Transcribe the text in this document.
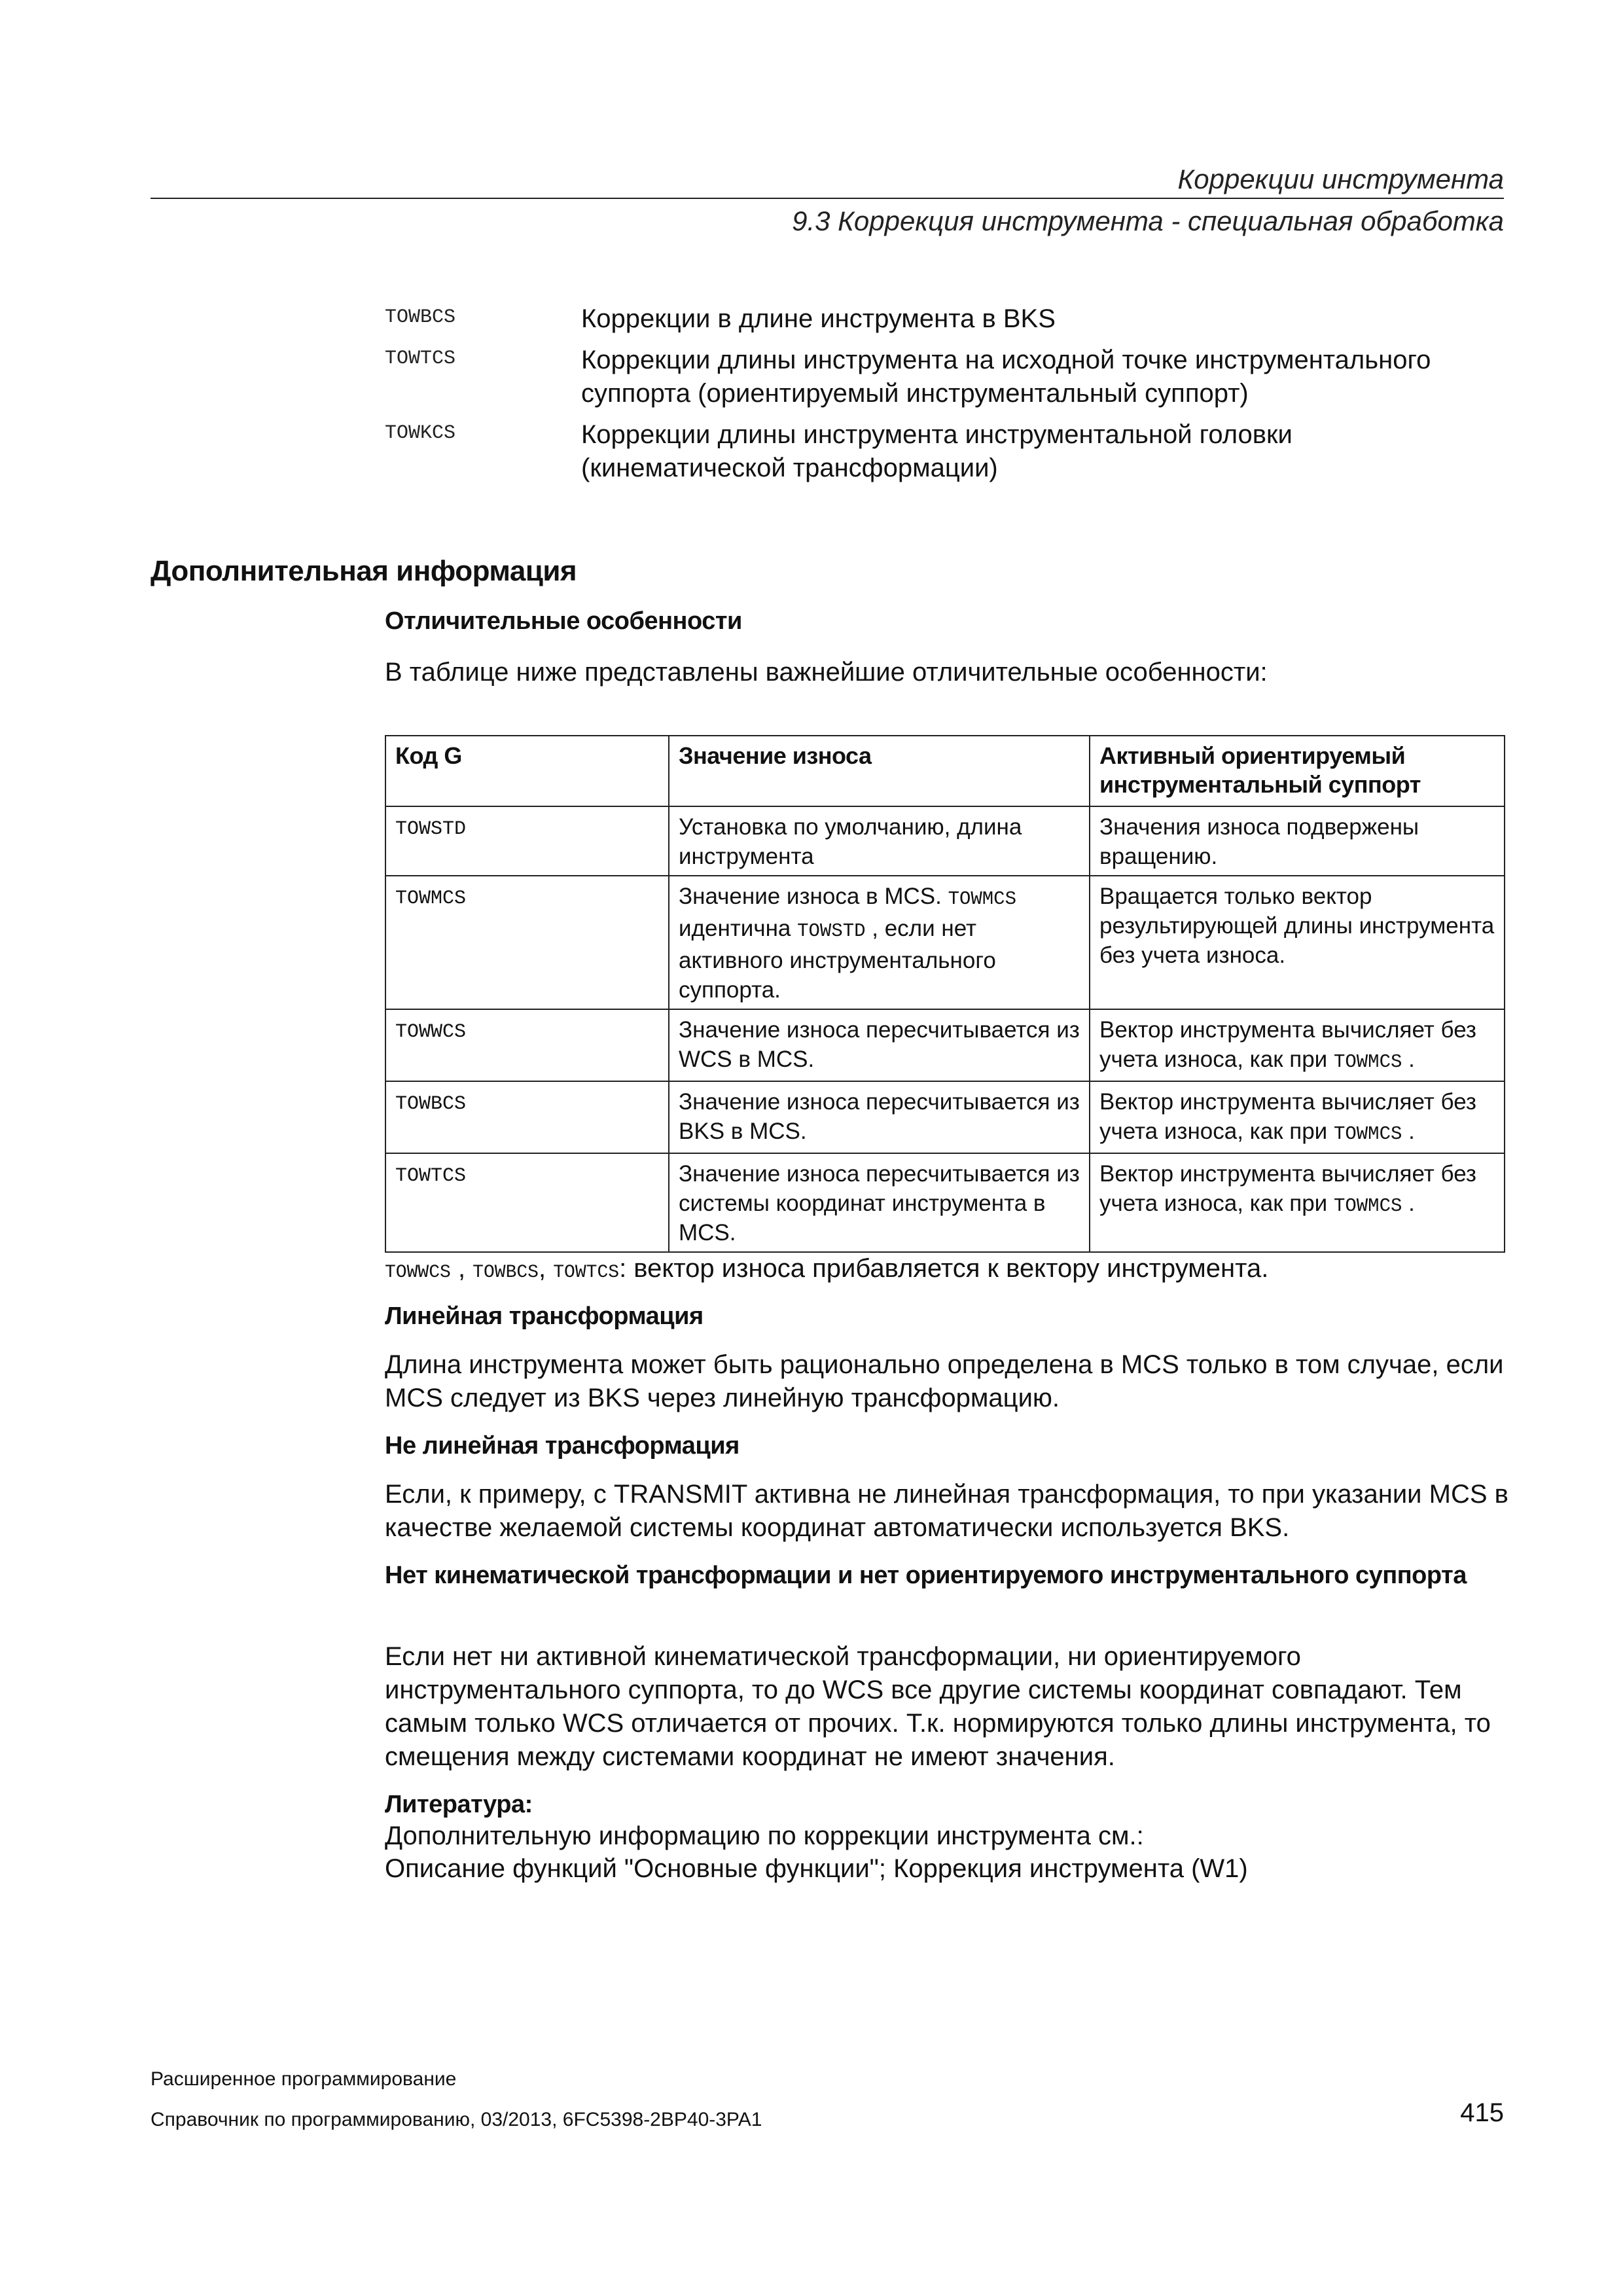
Коррекции инструмента
9.3 Коррекция инструмента - специальная обработка
TOWBCS	Коррекции в длине инструмента в BKS
TOWTCS	Коррекции длины инструмента на исходной точке инструментального суппорта (ориентируемый инструментальный суппорт)
TOWKCS	Коррекции длины инструмента инструментальной головки (кинематической трансформации)
Дополнительная информация
Отличительные особенности
В таблице ниже представлены важнейшие отличительные особенности:
Код G	Значение износа	Активный ориентируемый инструментальный суппорт
TOWSTD	Установка по умолчанию, длина инструмента	Значения износа подвержены вращению.
TOWMCS	Значение износа в MCS. TOWMCS идентична TOWSTD , если нет активного инструментального суппорта.	Вращается только вектор результирующей длины инструмента без учета износа.
TOWWCS	Значение износа пересчитывается из WCS в MCS.	Вектор инструмента вычисляет без учета износа, как при TOWMCS .
TOWBCS	Значение износа пересчитывается из BKS в MCS.	Вектор инструмента вычисляет без учета износа, как при TOWMCS .
TOWTCS	Значение износа пересчитывается из системы координат инструмента в MCS.	Вектор инструмента вычисляет без учета износа, как при TOWMCS .
TOWWCS , TOWBCS, TOWTCS: вектор износа прибавляется к вектору инструмента.
Линейная трансформация
Длина инструмента может быть рационально определена в MCS только в том случае, если MCS следует из BKS через линейную трансформацию.
Не линейная трансформация
Если, к примеру, с TRANSMIT активна не линейная трансформация, то при указании MCS в качестве желаемой системы координат автоматически используется BKS.
Нет кинематической трансформации и нет ориентируемого инструментального суппорта
Если нет ни активной кинематической трансформации, ни ориентируемого инструментального суппорта, то до WCS все другие системы координат совпадают. Тем самым только WCS отличается от прочих. Т.к. нормируются только длины инструмента, то смещения между системами координат не имеют значения.
Литература:
Дополнительную информацию по коррекции инструмента см.:
Описание функций "Основные функции"; Коррекция инструмента (W1)
Расширенное программирование
Справочник по программированию, 03/2013, 6FC5398-2BP40-3PA1	415
